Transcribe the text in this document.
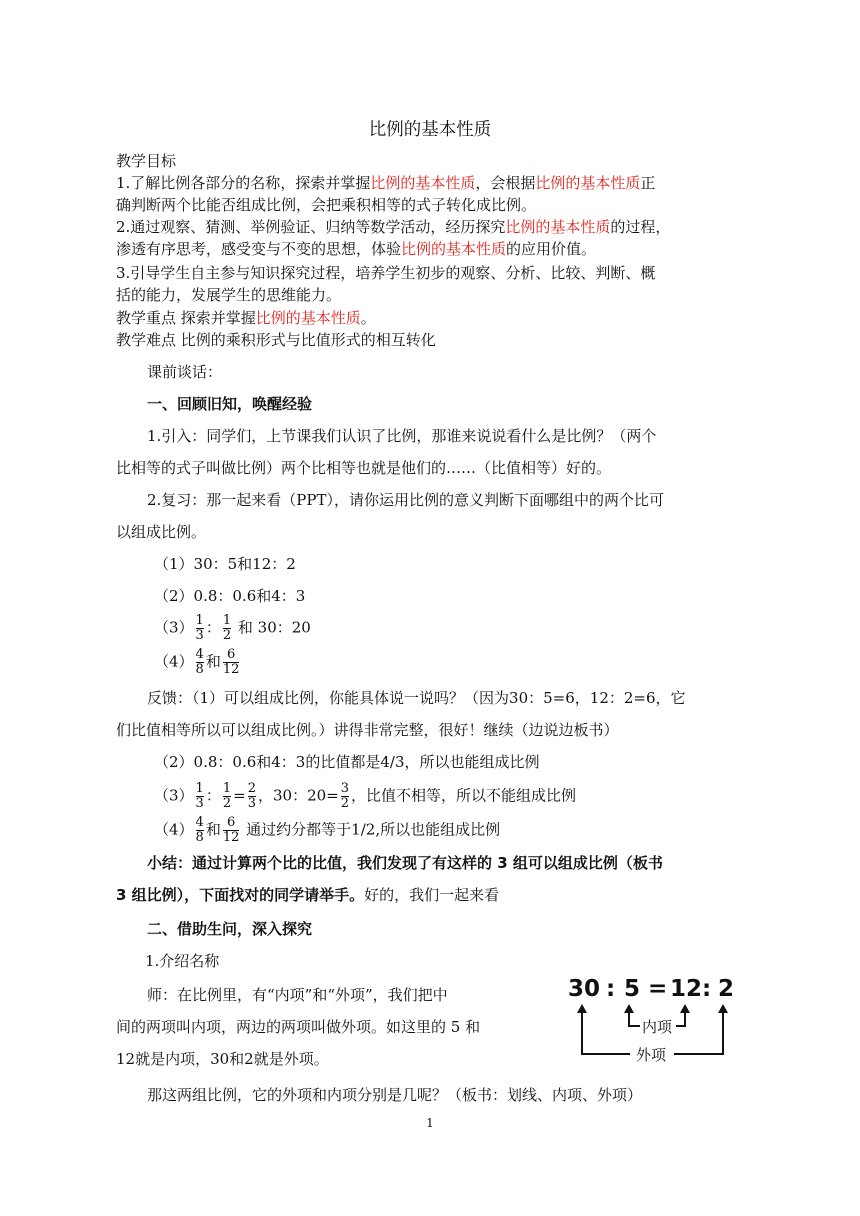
比例的基本性质
教学目标
1.了解比例各部分的名称，探索并掌握比例的基本性质，会根据比例的基本性质正
确判断两个比能否组成比例，会把乘积相等的式子转化成比例。
2.通过观察、猜测、举例验证、归纳等数学活动，经历探究比例的基本性质的过程，
渗透有序思考，感受变与不变的思想，体验比例的基本性质的应用价值。
3.引导学生自主参与知识探究过程，培养学生初步的观察、分析、比较、判断、概
括的能力，发展学生的思维能力。
教学重点 探索并掌握比例的基本性质。
教学难点 比例的乘积形式与比值形式的相互转化
课前谈话：
一、回顾旧知，唤醒经验
1.引入：同学们，上节课我们认识了比例，那谁来说说看什么是比例？（两个
比相等的式子叫做比例）两个比相等也就是他们的……（比值相等）好的。
2.复习：那一起来看（PPT），请你运用比例的意义判断下面哪组中的两个比可
以组成比例。
（1）30：5和12：2
（2）0.8：0.6和4：3
$(3) \frac{1}{3}$ ： $\frac{1}{2}$ 和 30：20
$(4) \frac{4}{8}$ 和 $\frac{6}{12}$
反馈：（1）可以组成比例，你能具体说一说吗？（因为30：5=6，12：2=6，它
们比值相等所以可以组成比例。）讲得非常完整，很好！继续（边说边板书）
（2）0.8：0.6和4：3的比值都是4/3，所以也能组成比例
$(3) \frac{1}{3}$ ： $\frac{1}{2} = \frac{2}{3}$ ，30：$20= \frac{3}{2}$ ，比值不相等，所以不能组成比例
$(4) \frac{4}{8}$ 和 $\frac{6}{12}$ 通过约分都等于1/2,所以也能组成比例
小结：通过计算两个比的比值，我们发现了有这样的 3 组可以组成比例（板书
3 组比例），下面找对的同学请举手。好的，我们一起来看
二、借助生问，深入探究
1.介绍名称
师：在比例里，有“内项”和“外项”，我们把中
间的两项叫内项，两边的两项叫做外项。如这里的 5 和
12就是内项，30和2就是外项。
那这两组比例，它的外项和内项分别是几呢？（板书：划线、内项、外项）
30 : 5 = 12 : 2
内项
外项
1
